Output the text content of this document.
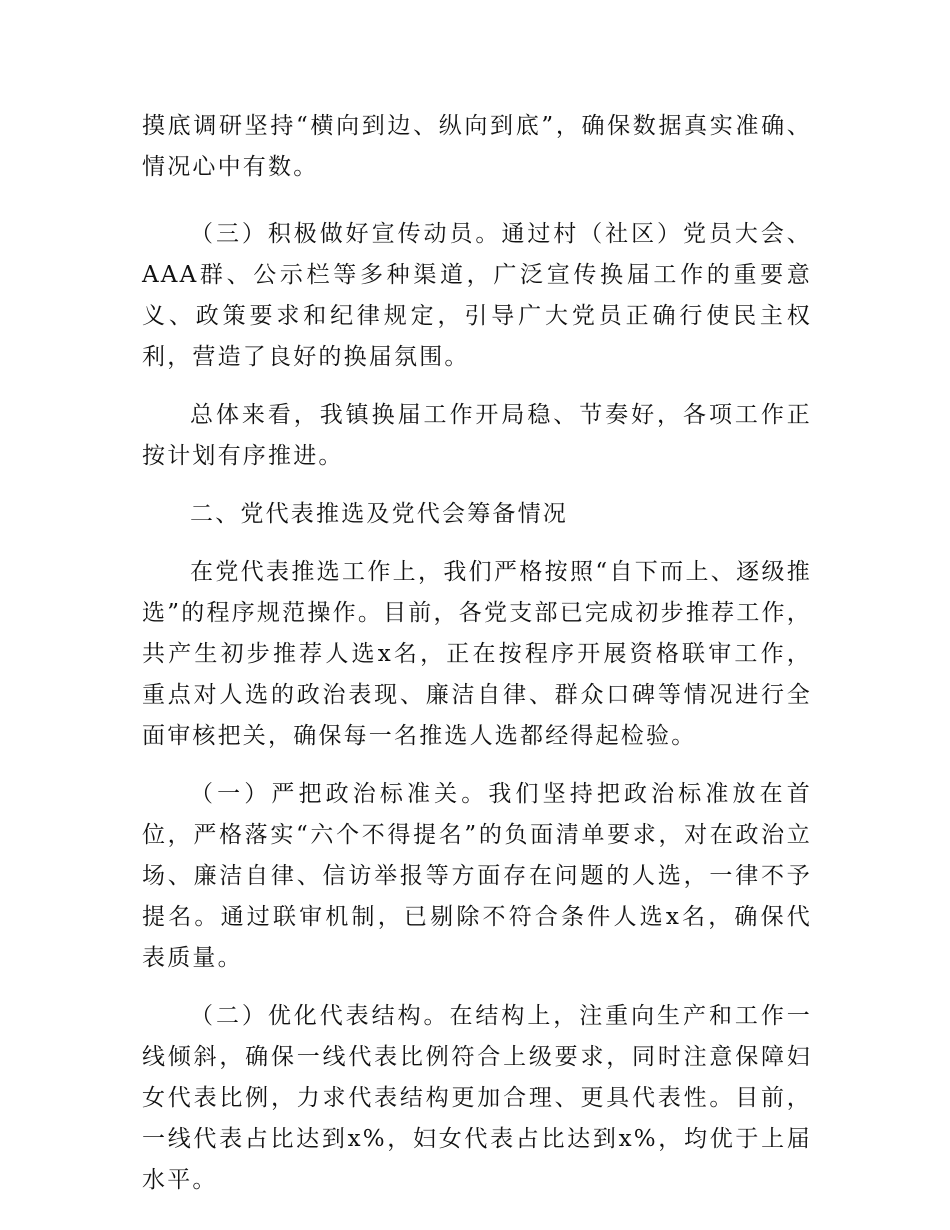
摸底调研坚持“横向到边、纵向到底”，确保数据真实准确、情况心中有数。

（三）积极做好宣传动员。通过村（社区）党员大会、AAA群、公示栏等多种渠道，广泛宣传换届工作的重要意义、政策要求和纪律规定，引导广大党员正确行使民主权利，营造了良好的换届氛围。

总体来看，我镇换届工作开局稳、节奏好，各项工作正按计划有序推进。

二、党代表推选及党代会筹备情况

在党代表推选工作上，我们严格按照“自下而上、逐级推选”的程序规范操作。目前，各党支部已完成初步推荐工作，共产生初步推荐人选x名，正在按程序开展资格联审工作，重点对人选的政治表现、廉洁自律、群众口碑等情况进行全面审核把关，确保每一名推选人选都经得起检验。

（一）严把政治标准关。我们坚持把政治标准放在首位，严格落实“六个不得提名”的负面清单要求，对在政治立场、廉洁自律、信访举报等方面存在问题的人选，一律不予提名。通过联审机制，已剔除不符合条件人选x名，确保代表质量。

（二）优化代表结构。在结构上，注重向生产和工作一线倾斜，确保一线代表比例符合上级要求，同时注意保障妇女代表比例，力求代表结构更加合理、更具代表性。目前，一线代表占比达到x%，妇女代表占比达到x%，均优于上届水平。
